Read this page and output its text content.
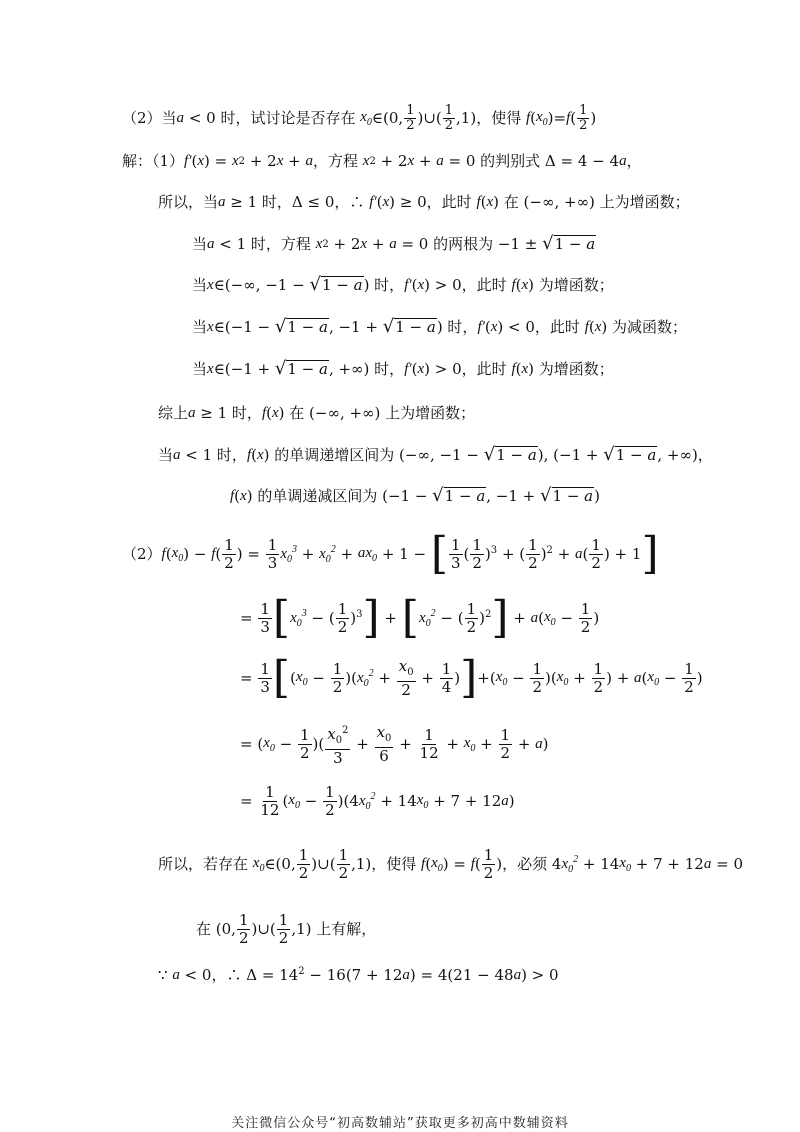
（2）当 a < 0 时，试讨论是否存在 $x_0$ ∈(0, $\frac{1}{2}$ )∪( $\frac{1}{2} ,1$)，使得 f ( $x_0$ )= f ( $\frac{1}{2}$ )
解：（1） f′ ( x ) = x 2 + 2 x + a ，方程 x 2 + 2 x + a = 0 的判别式 Δ = 4 − 4 a ，
所以，当 a ≥ 1 时，Δ ≤ 0，∴ f′ ( x ) ≥ 0，此时 f ( x ) 在 (−∞, +∞) 上为增函数；
当 a < 1 时，方程 x 2 + 2 x + a = 0 的两根为 −1 ± √ 1 − a
当 x ∈(−∞, −1 − √ 1 − a ) 时， f′ ( x ) > 0，此时 f ( x ) 为增函数；
当 x ∈(−1 − √ 1 − a , −1 + √ 1 − a ) 时， f′ ( x ) < 0，此时 f ( x ) 为减函数；
当 x ∈(−1 + √ 1 − a , +∞) 时， f′ ( x ) > 0，此时 f ( x ) 为增函数；
综上 a ≥ 1 时， f ( x ) 在 (−∞, +∞) 上为增函数；
当 a < 1 时， f ( x ) 的单调递增区间为 (−∞, −1 − √ 1 − a ), (−1 + √ 1 − a , +∞)，
f ( x ) 的单调递减区间为 (−1 − √ 1 − a , −1 + √ 1 − a )
（2） f ( $x_0$ ) − f ( $\frac{1}{2}$ ) = $\frac{1}{3} x_0^3 + x_0^2 + ax_0 + 1$ − [ $\frac{1}{3}$ ( $\frac{1}{2} )^3$ + ( $\frac{1}{2} )^2 + a$ ( $\frac{1}{2}$ ) + 1 ]
= $\frac{1}{3}$ [ $x_0^3$ − ( $\frac{1}{2} )^3$ ] + [ $x_0^2$ − ( $\frac{1}{2} )^2$ ] + a ( $x_0 - \frac{1}{2}$ )
= $\frac{1}{3}$ [ ( $x_0 - \frac{1}{2}$ )( $x_0^2 + \frac{x_0}{2} + \frac{1}{4}$ ) ] +( $x_0 - \frac{1}{2}$ )( $x_0 + \frac{1}{2}$ ) + a ( $x_0 - \frac{1}{2}$ )
= ( $x_0 - \frac{1}{2}$ )( $\frac{x_0^2}{3} + \frac{x_0}{6} + \frac{1}{12} + x_0 + \frac{1}{2} + a$ )
= $\frac{1}{12}$ ( $x_0 - \frac{1}{2} )(4$ $x_0^2 + 14$ $x_0 + 7 + 12$ a )
所以，若存在 $x_0$ ∈(0, $\frac{1}{2}$ )∪( $\frac{1}{2} ,1$)，使得 f ( $x_0$ ) = f ( $\frac{1}{2}$ )，必须 4 $x_0^2 + 14$ $x_0 + 7 + 12$ a = 0
在 (0, $\frac{1}{2}$ )∪( $\frac{1}{2} ,1$) 上有解，
∵ a < 0，∴ $\Delta = 14^2 - 16(7 + 12$ a ) = 4(21 − 48 a ) > 0
关注微信公众号“初高数辅站”获取更多初高中数辅资料
